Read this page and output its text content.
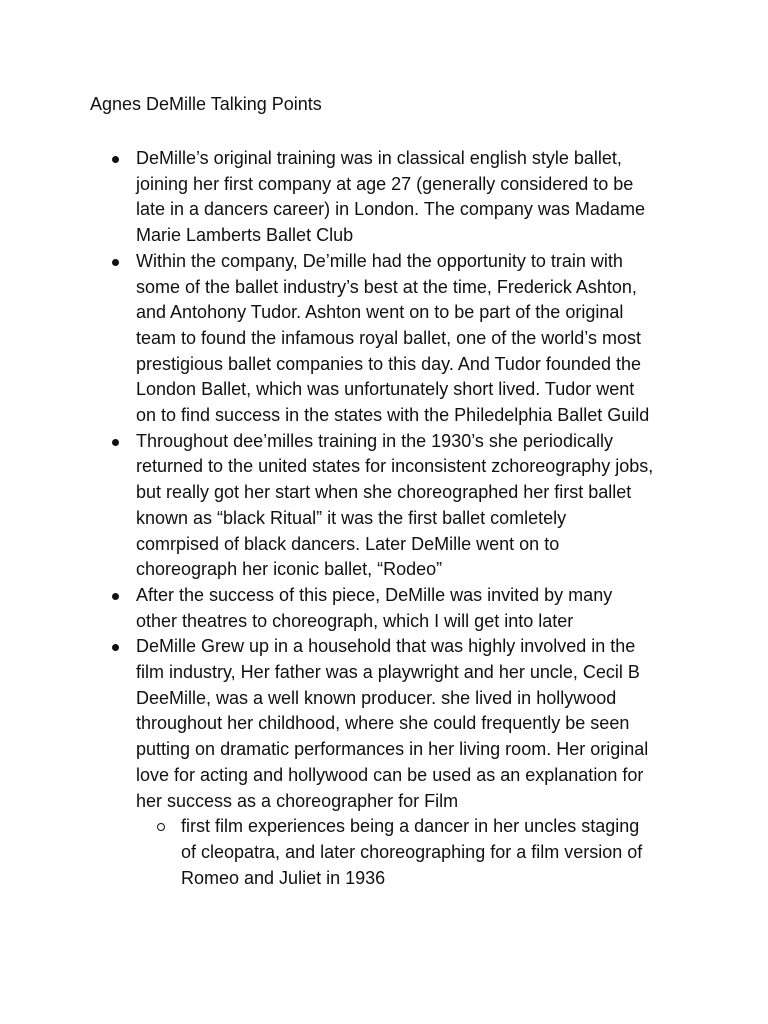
Agnes DeMille Talking Points
DeMille’s original training was in classical english style ballet,
joining her first company at age 27 (generally considered to be
late in a dancers career) in London. The company was Madame
Marie Lamberts Ballet Club
Within the company, De’mille had the opportunity to train with
some of the ballet industry’s best at the time, Frederick Ashton,
and Antohony Tudor. Ashton went on to be part of the original
team to found the infamous royal ballet, one of the world’s most
prestigious ballet companies to this day. And Tudor founded the
London Ballet, which was unfortunately short lived. Tudor went
on to find success in the states with the Philedelphia Ballet Guild
Throughout dee’milles training in the 1930’s she periodically
returned to the united states for inconsistent zchoreography jobs,
but really got her start when she choreographed her first ballet
known as “black Ritual” it was the first ballet comletely
comrpised of black dancers. Later DeMille went on to
choreograph her iconic ballet, “Rodeo”
After the success of this piece, DeMille was invited by many
other theatres to choreograph, which I will get into later
DeMille Grew up in a household that was highly involved in the
film industry, Her father was a playwright and her uncle, Cecil B
DeeMille, was a well known producer. she lived in hollywood
throughout her childhood, where she could frequently be seen
putting on dramatic performances in her living room. Her original
love for acting and hollywood can be used as an explanation for
her success as a choreographer for Film
first film experiences being a dancer in her uncles staging
of cleopatra, and later choreographing for a film version of
Romeo and Juliet in 1936
